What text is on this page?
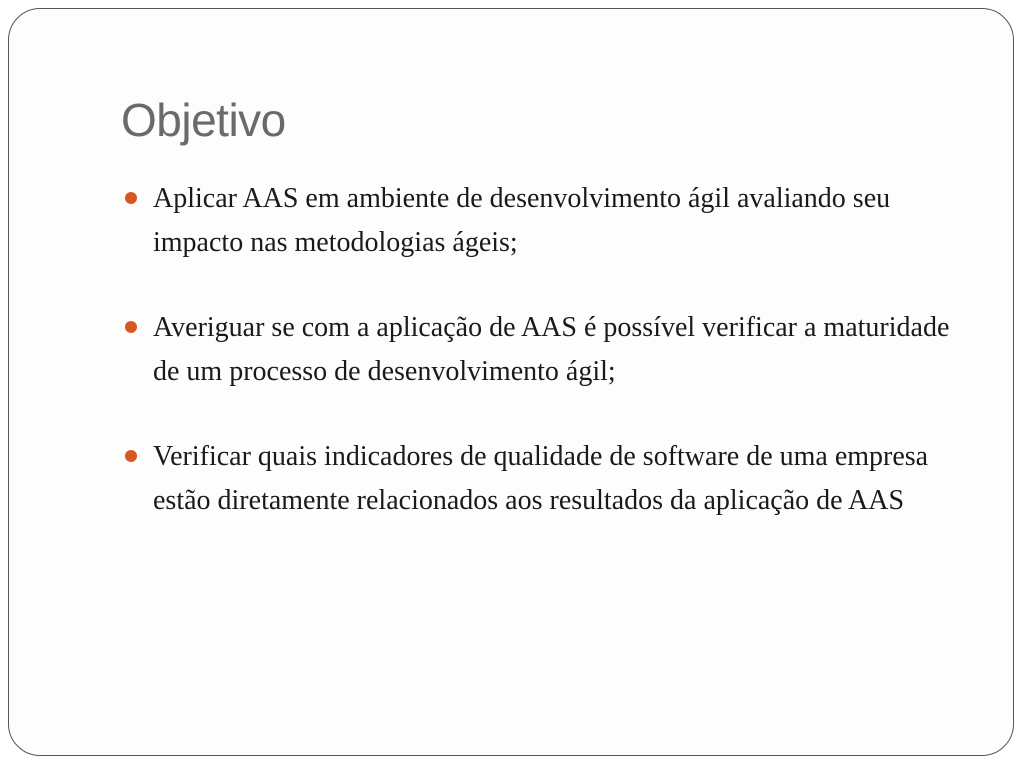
Objetivo
Aplicar AAS em ambiente de desenvolvimento ágil avaliando seu impacto nas metodologias ágeis;
Averiguar se com a aplicação de AAS é possível verificar a maturidade de um processo de desenvolvimento ágil;
Verificar quais indicadores de qualidade de software de uma empresa estão diretamente relacionados aos resultados da aplicação de AAS
